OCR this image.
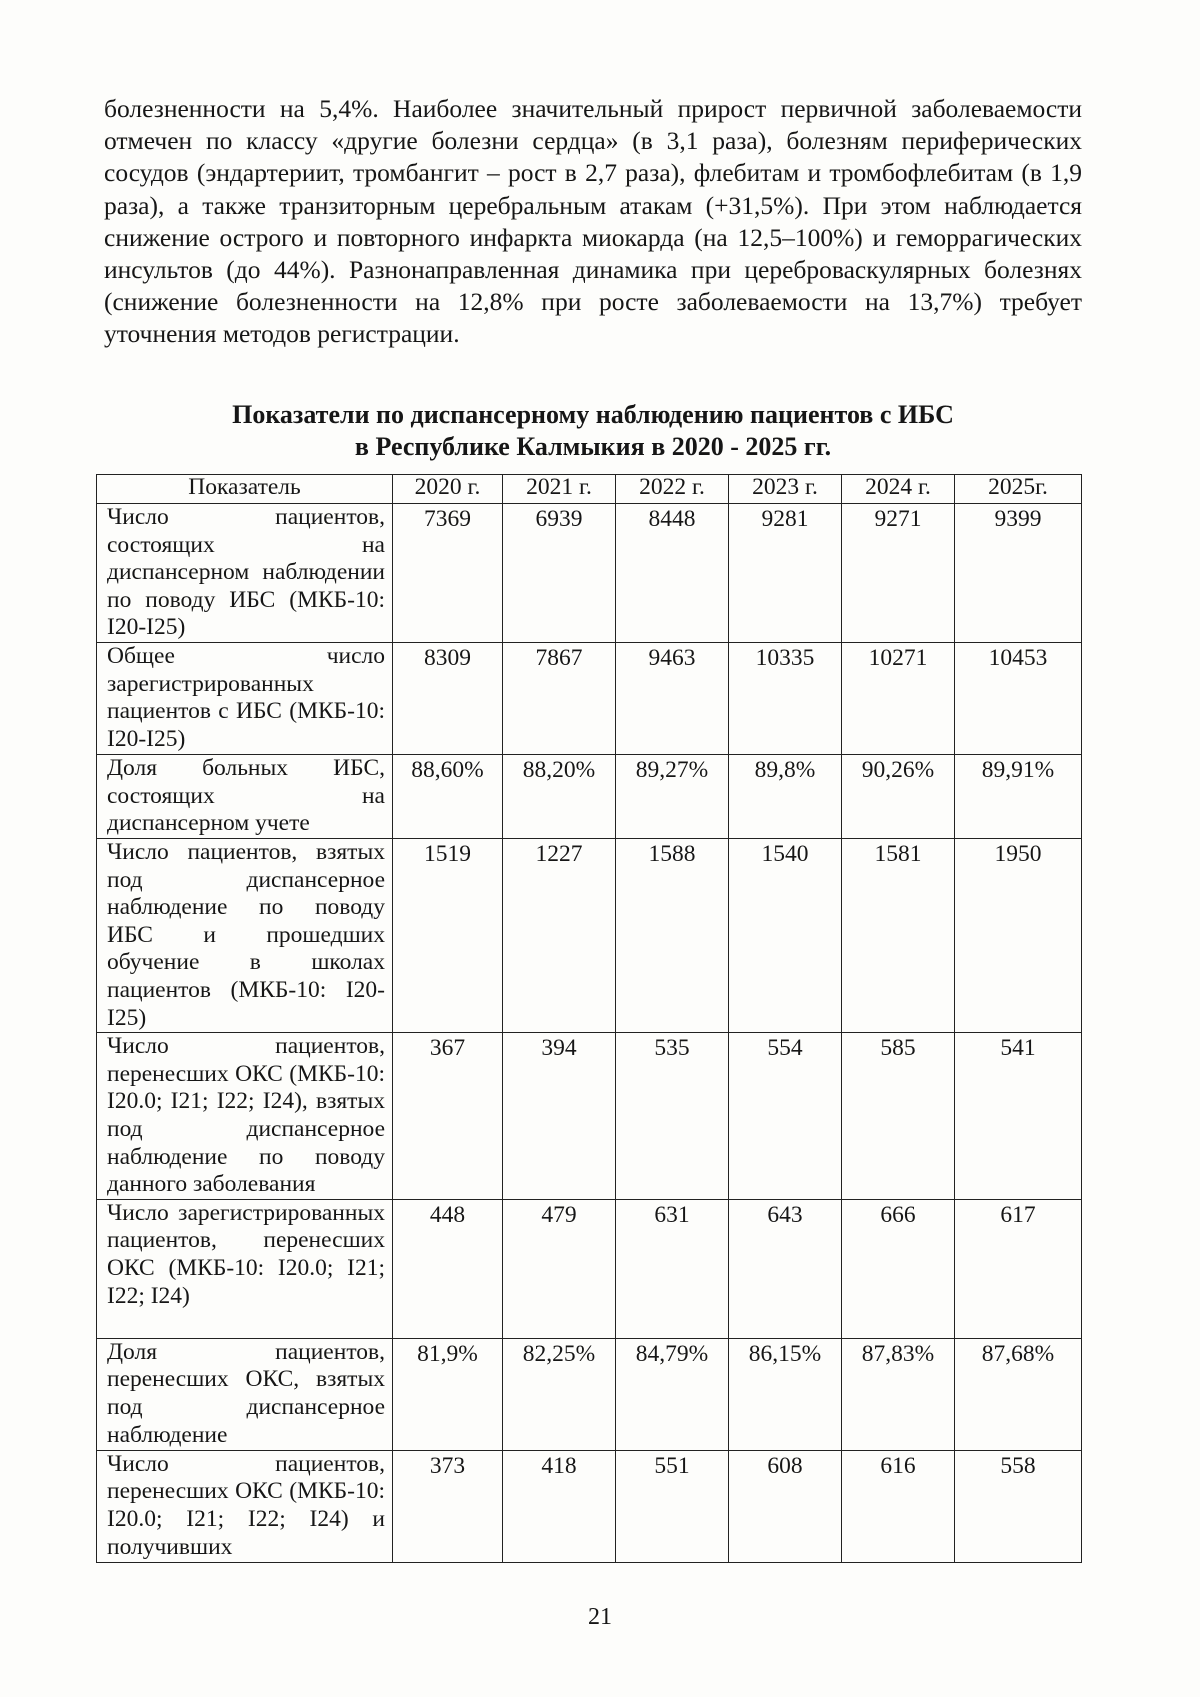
болезненности на 5,4%. Наиболее значительный прирост первичной заболеваемости отмечен по классу «другие болезни сердца» (в 3,1 раза), болезням периферических сосудов (эндартериит, тромбангит – рост в 2,7 раза), флебитам и тромбофлебитам (в 1,9 раза), а также транзиторным церебральным атакам (+31,5%). При этом наблюдается снижение острого и повторного инфаркта миокарда (на 12,5–100%) и геморрагических инсультов (до 44%). Разнонаправленная динамика при цереброваскулярных болезнях (снижение болезненности на 12,8% при росте заболеваемости на 13,7%) требует уточнения методов регистрации.

Показатели по диспансерному наблюдению пациентов с ИБС

в Республике Калмыкия в 2020 - 2025 гг.

Показатель	2020 г.	2021 г.	2022 г.	2023 г.	2024 г.	2025г.
Число пациентов, состоящих на диспансерном наблюдении по поводу ИБС (МКБ-10: I20-I25)	7369	6939	8448	9281	9271	9399
Общее число зарегистрированных пациентов с ИБС (МКБ-10: I20-I25)	8309	7867	9463	10335	10271	10453
Доля больных ИБС, состоящих на диспансерном учете	88,60%	88,20%	89,27%	89,8%	90,26%	89,91%
Число пациентов, взятых под диспансерное наблюдение по поводу ИБС и прошедших обучение в школах пациентов (МКБ-10: I20-I25)	1519	1227	1588	1540	1581	1950
Число пациентов, перенесших ОКС (МКБ-10: I20.0; I21; I22; I24), взятых под диспансерное наблюдение по поводу данного заболевания	367	394	535	554	585	541
Число зарегистрированных пациентов, перенесших ОКС (МКБ-10: I20.0; I21; I22; I24)	448	479	631	643	666	617
Доля пациентов, перенесших ОКС, взятых под диспансерное наблюдение	81,9%	82,25%	84,79%	86,15%	87,83%	87,68%
Число пациентов, перенесших ОКС (МКБ-10: I20.0; I21; I22; I24) и получивших	373	418	551	608	616	558

21
